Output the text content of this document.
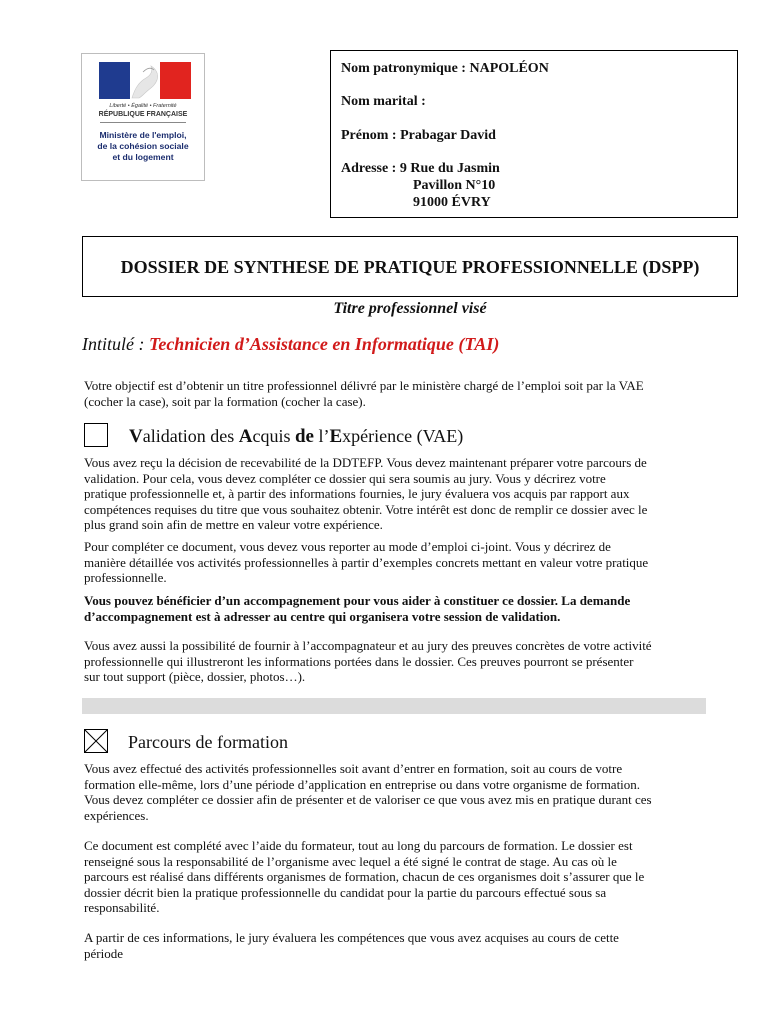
Liberté • Égalité • Fraternité
RÉPUBLIQUE FRANÇAISE
Ministère de l'emploi,
de la cohésion sociale
et du logement
Nom patronymique : NAPOLÉON
Nom marital :
Prénom : Prabagar David
Adresse : 9 Rue du Jasmin
Pavillon N°10
91000 ÉVRY
DOSSIER DE SYNTHESE DE PRATIQUE PROFESSIONNELLE (DSPP)
Titre professionnel visé
Intitulé : Technicien d’Assistance en Informatique (TAI)
Votre objectif est d’obtenir un titre professionnel délivré par le ministère chargé de l’emploi soit par la VAE
(cocher la case), soit par la formation (cocher la case).
Validation des Acquis de l’Expérience (VAE)
Vous avez reçu la décision de recevabilité de la DDTEFP. Vous devez maintenant préparer votre parcours de
validation. Pour cela, vous devez compléter ce dossier qui sera soumis au jury. Vous y décrirez votre
pratique professionnelle et, à partir des informations fournies, le jury évaluera vos acquis par rapport aux
compétences requises du titre que vous souhaitez obtenir. Votre intérêt est donc de remplir ce dossier avec le
plus grand soin afin de mettre en valeur votre expérience.
Pour compléter ce document, vous devez vous reporter au mode d’emploi ci-joint. Vous y décrirez de
manière détaillée vos activités professionnelles à partir d’exemples concrets mettant en valeur votre pratique
professionnelle.
Vous pouvez bénéficier d’un accompagnement pour vous aider à constituer ce dossier. La demande
d’accompagnement est à adresser au centre qui organisera votre session de validation.
Vous avez aussi la possibilité de fournir à l’accompagnateur et au jury des preuves concrètes de votre activité
professionnelle qui illustreront les informations portées dans le dossier. Ces preuves pourront se présenter
sur tout support (pièce, dossier, photos…).
Parcours de formation
Vous avez effectué des activités professionnelles soit avant d’entrer en formation, soit au cours de votre
formation elle-même, lors d’une période d’application en entreprise ou dans votre organisme de formation.
Vous devez compléter ce dossier afin de présenter et de valoriser ce que vous avez mis en pratique durant ces
expériences.
Ce document est complété avec l’aide du formateur, tout au long du parcours de formation. Le dossier est
renseigné sous la responsabilité de l’organisme avec lequel a été signé le contrat de stage. Au cas où le
parcours est réalisé dans différents organismes de formation, chacun de ces organismes doit s’assurer que le
dossier décrit bien la pratique professionnelle du candidat pour la partie du parcours effectué sous sa
responsabilité.
A partir de ces informations, le jury évaluera les compétences que vous avez acquises au cours de cette
période
